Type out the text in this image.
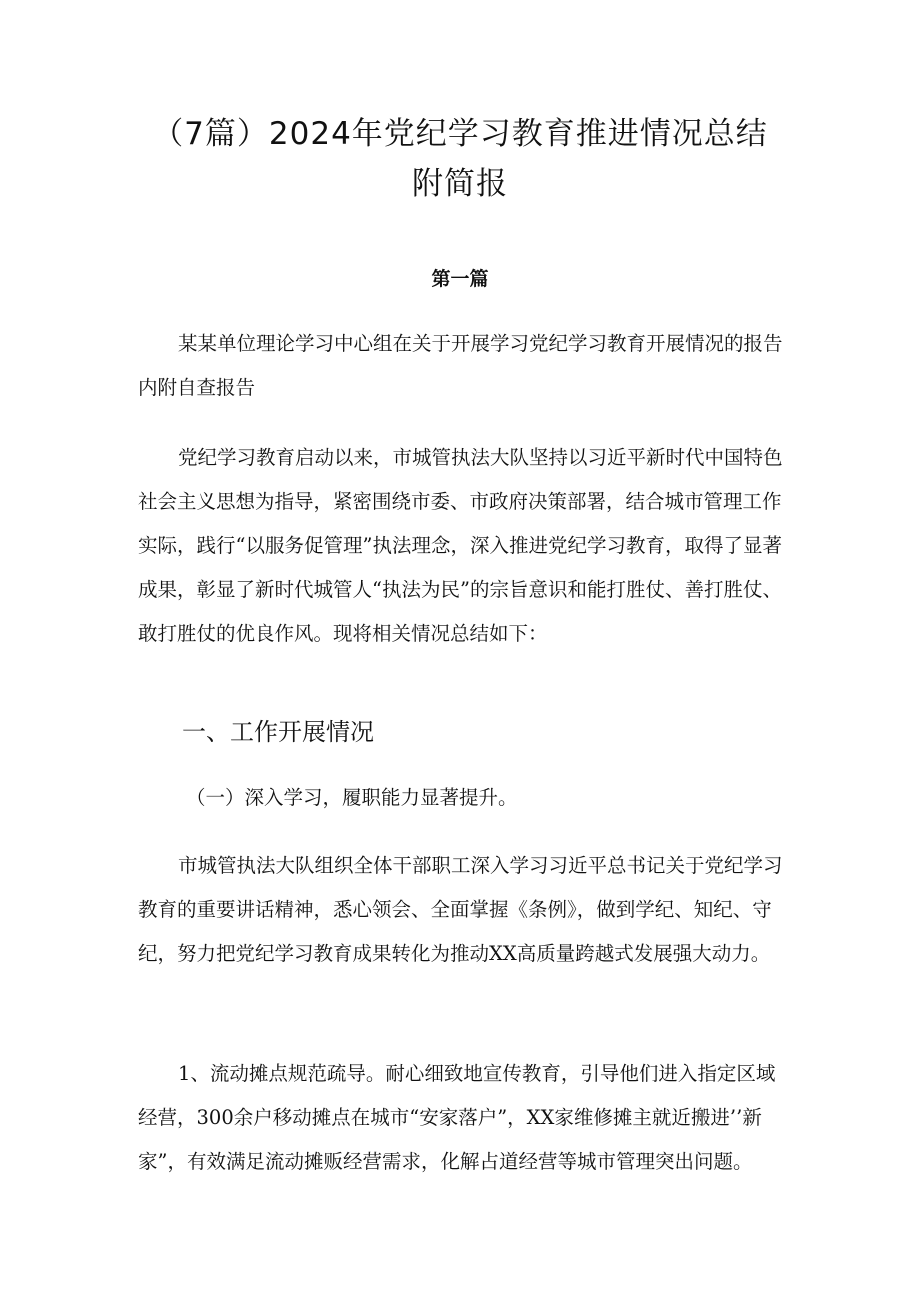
（7篇）2024年党纪学习教育推进情况总结
附简报
第一篇

某某单位理论学习中心组在关于开展学习党纪学习教育开展情况的报告内附自查报告

党纪学习教育启动以来，市城管执法大队坚持以习近平新时代中国特色社会主义思想为指导，紧密围绕市委、市政府决策部署，结合城市管理工作实际，践行“以服务促管理”执法理念，深入推进党纪学习教育，取得了显著成果，彰显了新时代城管人“执法为民”的宗旨意识和能打胜仗、善打胜仗、敢打胜仗的优良作风。现将相关情况总结如下：

一、工作开展情况
（一）深入学习，履职能力显著提升。

市城管执法大队组织全体干部职工深入学习习近平总书记关于党纪学习教育的重要讲话精神，悉心领会、全面掌握《条例》，做到学纪、知纪、守纪，努力把党纪学习教育成果转化为推动XX高质量跨越式发展强大动力。

1、流动摊点规范疏导。耐心细致地宣传教育，引导他们进入指定区域经营，300余户移动摊点在城市“安家落户”，XX家维修摊主就近搬进’’新家”，有效满足流动摊贩经营需求，化解占道经营等城市管理突出问题。
